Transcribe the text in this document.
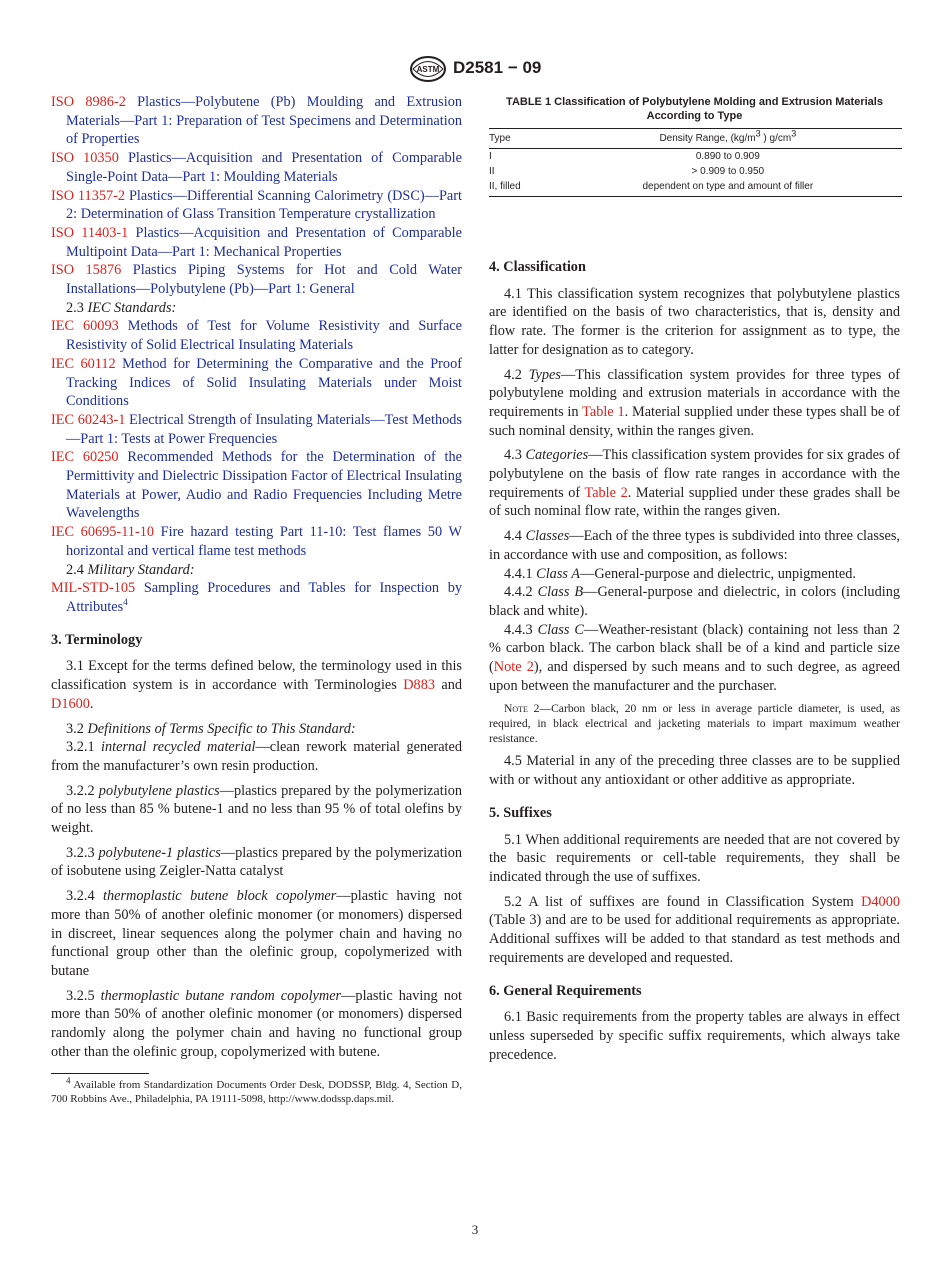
ASTM D2581 − 09
ISO 8986-2 Plastics—Polybutene (Pb) Moulding and Extrusion Materials—Part 1: Preparation of Test Specimens and Determination of Properties
ISO 10350 Plastics—Acquisition and Presentation of Comparable Single-Point Data—Part 1: Moulding Materials
ISO 11357-2 Plastics—Differential Scanning Calorimetry (DSC)—Part 2: Determination of Glass Transition Temperature crystallization
ISO 11403-1 Plastics—Acquisition and Presentation of Comparable Multipoint Data—Part 1: Mechanical Properties
ISO 15876 Plastics Piping Systems for Hot and Cold Water Installations—Polybutylene (Pb)—Part 1: General
2.3 IEC Standards:
IEC 60093 Methods of Test for Volume Resistivity and Surface Resistivity of Solid Electrical Insulating Materials
IEC 60112 Method for Determining the Comparative and the Proof Tracking Indices of Solid Insulating Materials under Moist Conditions
IEC 60243-1 Electrical Strength of Insulating Materials—Test Methods—Part 1: Tests at Power Frequencies
IEC 60250 Recommended Methods for the Determination of the Permittivity and Dielectric Dissipation Factor of Electrical Insulating Materials at Power, Audio and Radio Frequencies Including Metre Wavelengths
IEC 60695-11-10 Fire hazard testing Part 11-10: Test flames 50 W horizontal and vertical flame test methods
2.4 Military Standard:
MIL-STD-105 Sampling Procedures and Tables for Inspection by Attributes$^4$
3. Terminology

3.1 Except for the terms defined below, the terminology used in this classification system is in accordance with Terminologies D883 and D1600.

3.2 Definitions of Terms Specific to This Standard:

3.2.1 internal recycled material—clean rework material generated from the manufacturer’s own resin production.

3.2.2 polybutylene plastics—plastics prepared by the polymerization of no less than 85 % butene-1 and no less than 95 % of total olefins by weight.

3.2.3 polybutene-1 plastics—plastics prepared by the polymerization of isobutene using Zeigler-Natta catalyst

3.2.4 thermoplastic butene block copolymer—plastic having not more than 50% of another olefinic monomer (or monomers) dispersed in discreet, linear sequences along the polymer chain and having no functional group other than the olefinic group, copolymerized with butane

3.2.5 thermoplastic butane random copolymer—plastic having not more than 50% of another olefinic monomer (or monomers) dispersed randomly along the polymer chain and having no functional group other than the olefinic group, copolymerized with butene.

$^4$ Available from Standardization Documents Order Desk, DODSSP, Bldg. 4, Section D, 700 Robbins Ave., Philadelphia, PA 19111-5098, http://www.dodssp.daps.mil.
TABLE 1 Classification of Polybutylene Molding and Extrusion Materials According to Type
Type	Density Range, ($kg/m^3$ ) $g/cm^3$
I	0.890 to 0.909
II	> 0.909 to 0.950
II, filled	dependent on type and amount of filler
4. Classification

4.1 This classification system recognizes that polybutylene plastics are identified on the basis of two characteristics, that is, density and flow rate. The former is the criterion for assignment as to type, the latter for designation as to category.

4.2 Types—This classification system provides for three types of polybutylene molding and extrusion materials in accordance with the requirements in Table 1. Material supplied under these types shall be of such nominal density, within the ranges given.

4.3 Categories—This classification system provides for six grades of polybutylene on the basis of flow rate ranges in accordance with the requirements of Table 2. Material supplied under these grades shall be of such nominal flow rate, within the ranges given.

4.4 Classes—Each of the three types is subdivided into three classes, in accordance with use and composition, as follows:

4.4.1 Class A—General-purpose and dielectric, unpigmented.

4.4.2 Class B—General-purpose and dielectric, in colors (including black and white).

4.4.3 Class C—Weather-resistant (black) containing not less than 2 % carbon black. The carbon black shall be of a kind and particle size (Note 2), and dispersed by such means and to such degree, as agreed upon between the manufacturer and the purchaser.

Note 2—Carbon black, 20 nm or less in average particle diameter, is used, as required, in black electrical and jacketing materials to impart maximum weather resistance.

4.5 Material in any of the preceding three classes are to be supplied with or without any antioxidant or other additive as appropriate.

5. Suffixes

5.1 When additional requirements are needed that are not covered by the basic requirements or cell-table requirements, they shall be indicated through the use of suffixes.

5.2 A list of suffixes are found in Classification System D4000 (Table 3) and are to be used for additional requirements as appropriate. Additional suffixes will be added to that standard as test methods and requirements are developed and requested.

6. General Requirements

6.1 Basic requirements from the property tables are always in effect unless superseded by specific suffix requirements, which always take precedence.

3
